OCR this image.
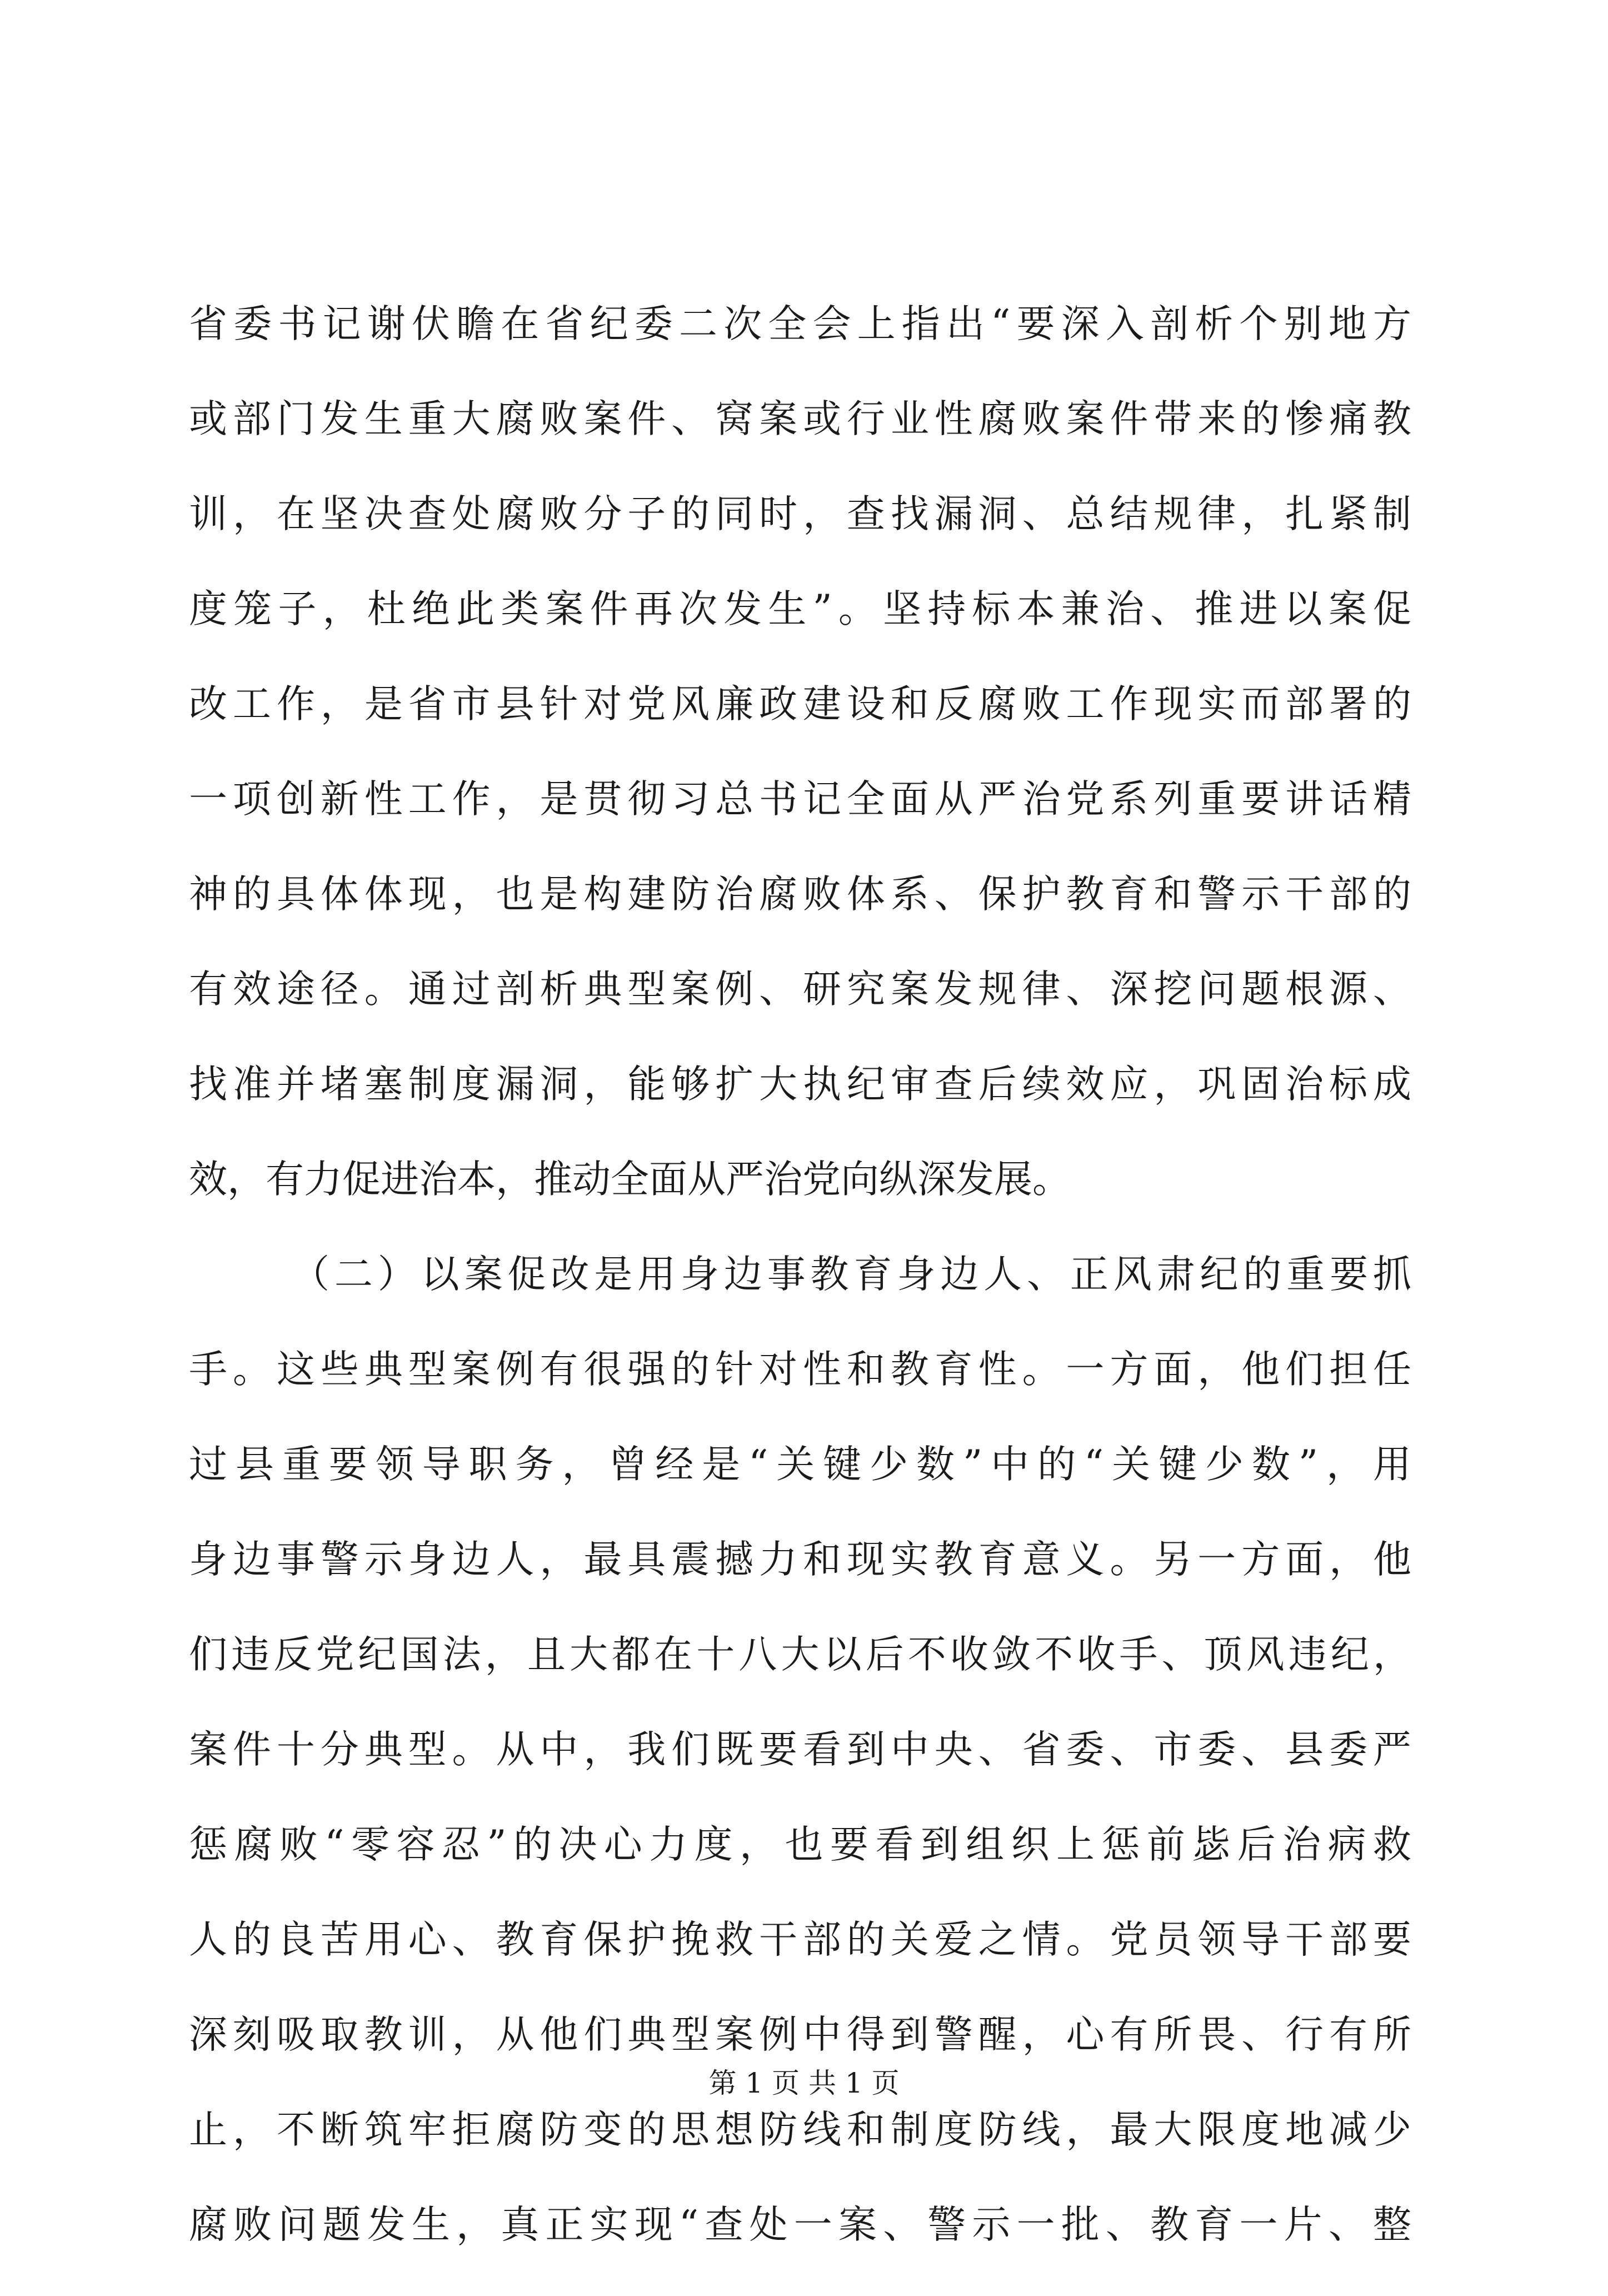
省委书记谢伏瞻在省纪委二次全会上指出“要深入剖析个别地方
或部门发生重大腐败案件、窝案或行业性腐败案件带来的惨痛教
训，在坚决查处腐败分子的同时，查找漏洞、总结规律，扎紧制
度笼子，杜绝此类案件再次发生”。坚持标本兼治、推进以案促
改工作，是省市县针对党风廉政建设和反腐败工作现实而部署的
一项创新性工作，是贯彻习总书记全面从严治党系列重要讲话精
神的具体体现，也是构建防治腐败体系、保护教育和警示干部的
有效途径。通过剖析典型案例、研究案发规律、深挖问题根源、
找准并堵塞制度漏洞，能够扩大执纪审查后续效应，巩固治标成
效，有力促进治本，推动全面从严治党向纵深发展。
（二）以案促改是用身边事教育身边人、正风肃纪的重要抓
手。这些典型案例有很强的针对性和教育性。一方面，他们担任
过县重要领导职务，曾经是“关键少数”中的“关键少数”，用
身边事警示身边人，最具震撼力和现实教育意义。另一方面，他
们违反党纪国法，且大都在十八大以后不收敛不收手、顶风违纪，
案件十分典型。从中，我们既要看到中央、省委、市委、县委严
惩腐败“零容忍”的决心力度，也要看到组织上惩前毖后治病救
人的良苦用心、教育保护挽救干部的关爱之情。党员领导干部要
深刻吸取教训，从他们典型案例中得到警醒，心有所畏、行有所
止，不断筑牢拒腐防变的思想防线和制度防线，最大限度地减少
腐败问题发生，真正实现“查处一案、警示一批、教育一片、整
第 1 页 共 1 页
